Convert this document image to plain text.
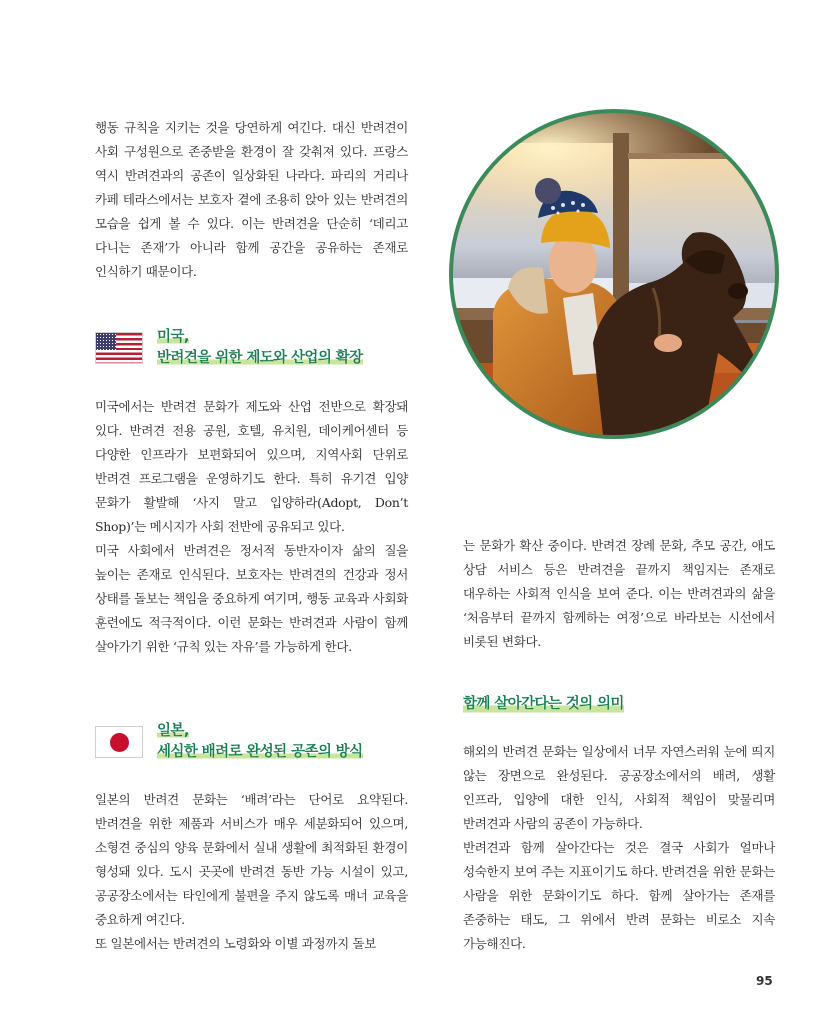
행동 규칙을 지키는 것을 당연하게 여긴다. 대신 반려견이 사회 구성원으로 존중받을 환경이 잘 갖춰져 있다. 프랑스 역시 반려견과의 공존이 일상화된 나라다. 파리의 거리나 카페 테라스에서는 보호자 곁에 조용히 앉아 있는 반려견의 모습을 쉽게 볼 수 있다. 이는 반려견을 단순히 ‘데리고 다니는 존재’가 아니라 함께 공간을 공유하는 존재로 인식하기 때문이다.

미국,
반려견을 위한 제도와 산업의 확장

미국에서는 반려견 문화가 제도와 산업 전반으로 확장돼 있다. 반려견 전용 공원, 호텔, 유치원, 데이케어센터 등 다양한 인프라가 보편화되어 있으며, 지역사회 단위로 반려견 프로그램을 운영하기도 한다. 특히 유기견 입양 문화가 활발해 ‘사지 말고 입양하라(Adopt, Don’t Shop)’는 메시지가 사회 전반에 공유되고 있다.

미국 사회에서 반려견은 정서적 동반자이자 삶의 질을 높이는 존재로 인식된다. 보호자는 반려견의 건강과 정서 상태를 돌보는 책임을 중요하게 여기며, 행동 교육과 사회화 훈련에도 적극적이다. 이런 문화는 반려견과 사람이 함께 살아가기 위한 ‘규칙 있는 자유’를 가능하게 한다.

일본,
세심한 배려로 완성된 공존의 방식

일본의 반려견 문화는 ‘배려’라는 단어로 요약된다. 반려견을 위한 제품과 서비스가 매우 세분화되어 있으며, 소형견 중심의 양육 문화에서 실내 생활에 최적화된 환경이 형성돼 있다. 도시 곳곳에 반려견 동반 가능 시설이 있고, 공공장소에서는 타인에게 불편을 주지 않도록 매너 교육을 중요하게 여긴다.

또 일본에서는 반려견의 노령화와 이별 과정까지 돌보

는 문화가 확산 중이다. 반려견 장례 문화, 추모 공간, 애도 상담 서비스 등은 반려견을 끝까지 책임지는 존재로 대우하는 사회적 인식을 보여 준다. 이는 반려견과의 삶을 ‘처음부터 끝까지 함께하는 여정’으로 바라보는 시선에서 비롯된 변화다.

함께 살아간다는 것의 의미

해외의 반려견 문화는 일상에서 너무 자연스러워 눈에 띄지 않는 장면으로 완성된다. 공공장소에서의 배려, 생활 인프라, 입양에 대한 인식, 사회적 책임이 맞물리며 반려견과 사람의 공존이 가능하다.

반려견과 함께 살아간다는 것은 결국 사회가 얼마나 성숙한지 보여 주는 지표이기도 하다. 반려견을 위한 문화는 사람을 위한 문화이기도 하다. 함께 살아가는 존재를 존중하는 태도, 그 위에서 반려 문화는 비로소 지속 가능해진다.

95
